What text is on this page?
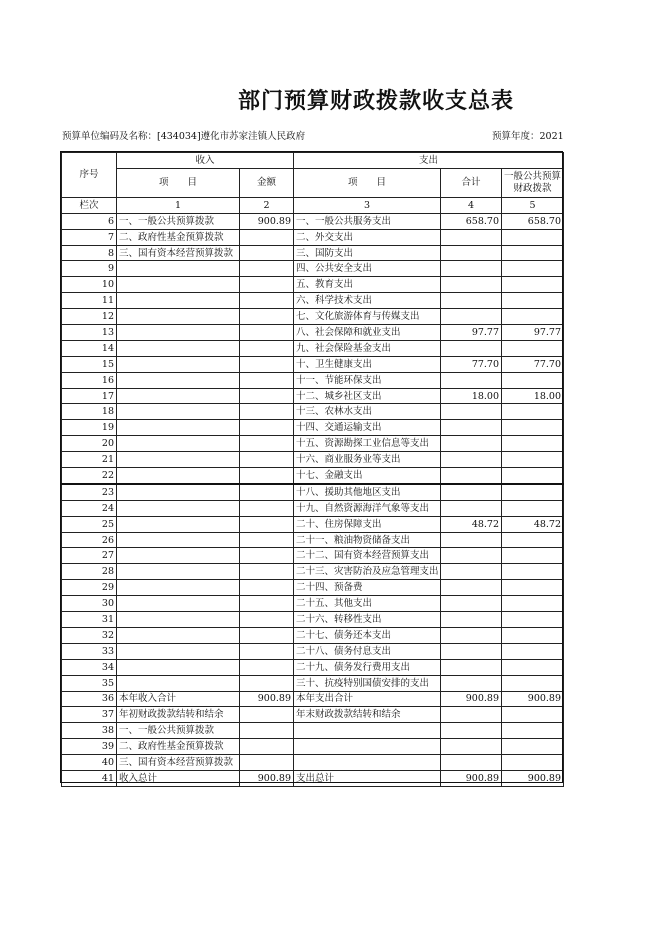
部门预算财政拨款收支总表
预算单位编码及名称：[434034]遵化市苏家洼镇人民政府	预算年度：2021
序号	收入		支出		
	项　　目	金额	项　　目	合计	一般公共预算财政拨款
栏次	1	2	3	4	5
6	一、一般公共预算拨款	900.89	一、一般公共服务支出	658.70	658.70
7	二、政府性基金预算拨款		二、外交支出		
8	三、国有资本经营预算拨款		三、国防支出		
9			四、公共安全支出		
10			五、教育支出		
11			六、科学技术支出		
12			七、文化旅游体育与传媒支出		
13			八、社会保障和就业支出	97.77	97.77
14			九、社会保险基金支出		
15			十、卫生健康支出	77.70	77.70
16			十一、节能环保支出		
17			十二、城乡社区支出	18.00	18.00
18			十三、农林水支出		
19			十四、交通运输支出		
20			十五、资源勘探工业信息等支出		
21			十六、商业服务业等支出		
22			十七、金融支出		
23			十八、援助其他地区支出		
24			十九、自然资源海洋气象等支出		
25			二十、住房保障支出	48.72	48.72
26			二十一、粮油物资储备支出		
27			二十二、国有资本经营预算支出		
28			二十三、灾害防治及应急管理支出		
29			二十四、预备费		
30			二十五、其他支出		
31			二十六、转移性支出		
32			二十七、债务还本支出		
33			二十八、债务付息支出		
34			二十九、债务发行费用支出		
35			三十、抗疫特别国债安排的支出		
36	本年收入合计	900.89	本年支出合计	900.89	900.89
37	年初财政拨款结转和结余		年末财政拨款结转和结余		
38	一、一般公共预算拨款				
39	二、政府性基金预算拨款				
40	三、国有资本经营预算拨款				
41	收入总计	900.89	支出总计	900.89	900.89
